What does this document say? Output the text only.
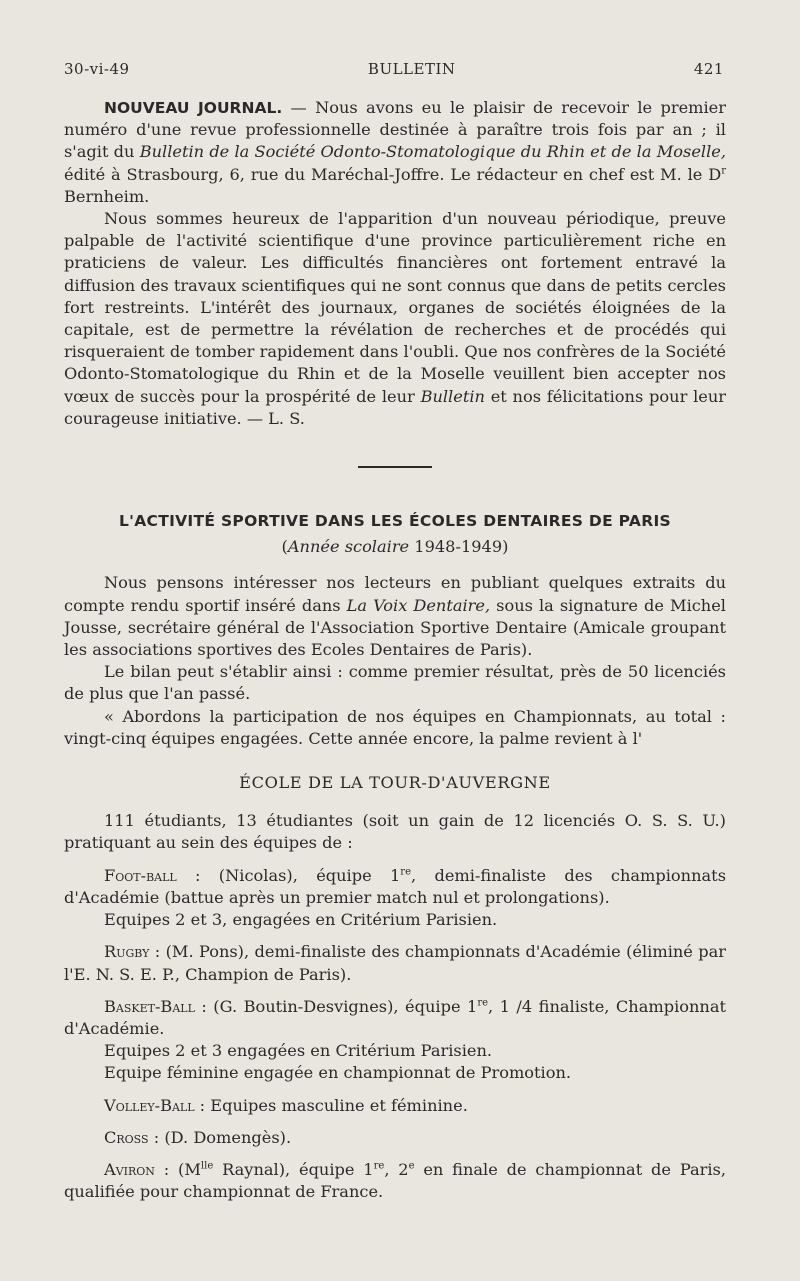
30-vi-49	BULLETIN	421

NOUVEAU JOURNAL. — Nous avons eu le plaisir de recevoir le premier numéro d'une revue professionnelle destinée à paraître trois fois par an ; il s'agit du Bulletin de la Société Odonto-Stomatologique du Rhin et de la Moselle, édité à Strasbourg, 6, rue du Maréchal-Joffre. Le rédacteur en chef est M. le $D^r$ Bernheim.

Nous sommes heureux de l'apparition d'un nouveau périodique, preuve palpable de l'activité scientifique d'une province particulièrement riche en praticiens de valeur. Les difficultés financières ont fortement entravé la diffusion des travaux scientifiques qui ne sont connus que dans de petits cercles fort restreints. L'intérêt des journaux, organes de sociétés éloignées de la capitale, est de permettre la révélation de recherches et de procédés qui risqueraient de tomber rapidement dans l'oubli. Que nos confrères de la Société Odonto-Stomatologique du Rhin et de la Moselle veuillent bien accepter nos vœux de succès pour la prospérité de leur Bulletin et nos félicitations pour leur courageuse initiative. — L. S.

L'ACTIVITÉ SPORTIVE DANS LES ÉCOLES DENTAIRES DE PARIS
(Année scolaire 1948-1949)

Nous pensons intéresser nos lecteurs en publiant quelques extraits du compte rendu sportif inséré dans La Voix Dentaire, sous la signature de Michel Jousse, secrétaire général de l'Association Sportive Dentaire (Amicale groupant les associations sportives des Ecoles Dentaires de Paris).

Le bilan peut s'établir ainsi : comme premier résultat, près de 50 licenciés de plus que l'an passé.

« Abordons la participation de nos équipes en Championnats, au total : vingt-cinq équipes engagées. Cette année encore, la palme revient à l'

ÉCOLE DE LA TOUR-D'AUVERGNE

111 étudiants, 13 étudiantes (soit un gain de 12 licenciés O. S. S. U.) pratiquant au sein des équipes de :

Foot-ball : (Nicolas), équipe 1re, demi-finaliste des championnats d'Académie (battue après un premier match nul et prolongations).

Equipes 2 et 3, engagées en Critérium Parisien.

Rugby : (M. Pons), demi-finaliste des championnats d'Académie (éliminé par l'E. N. S. E. P., Champion de Paris).

Basket-Ball : (G. Boutin-Desvignes), équipe 1re, 1 /4 finaliste, Championnat d'Académie.

Equipes 2 et 3 engagées en Critérium Parisien.

Equipe féminine engagée en championnat de Promotion.

Volley-Ball : Equipes masculine et féminine.

Cross : (D. Domengès).

Aviron : ($M^{lle}$ Raynal), équipe 1re, 2e en finale de championnat de Paris, qualifiée pour championnat de France.
